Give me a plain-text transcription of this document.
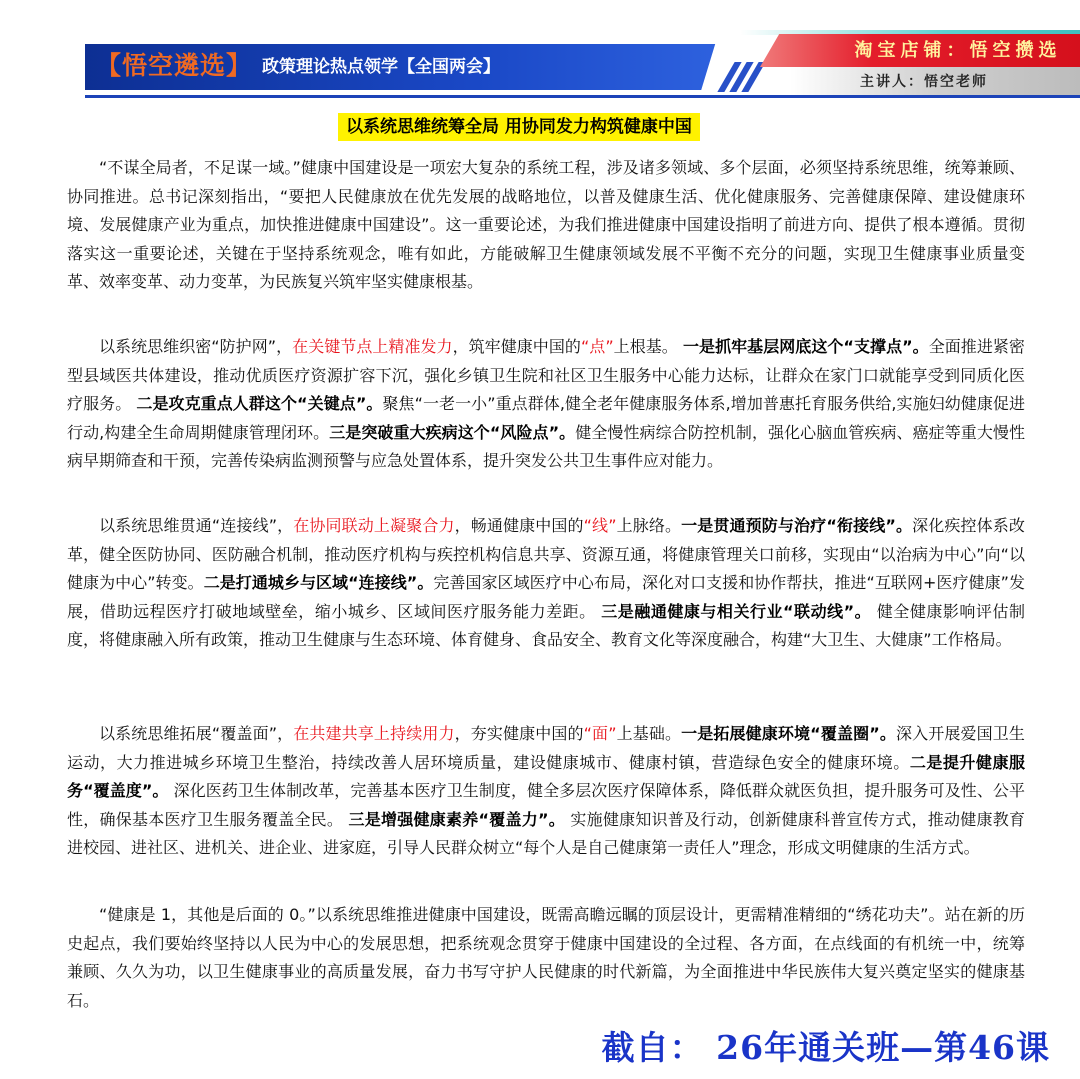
【悟空遴选】 政策理论热点领学【全国两会】
淘宝店铺：悟空攒选
主讲人：悟空老师
以系统思维统筹全局 用协同发力构筑健康中国

“不谋全局者，不足谋一域。”健康中国建设是一项宏大复杂的系统工程，涉及诸多领域、多个层面，必须坚持系统思维，统筹兼顾、协同推进。总书记深刻指出，“要把人民健康放在优先发展的战略地位，以普及健康生活、优化健康服务、完善健康保障、建设健康环境、发展健康产业为重点，加快推进健康中国建设”。这一重要论述，为我们推进健康中国建设指明了前进方向、提供了根本遵循。贯彻落实这一重要论述，关键在于坚持系统观念，唯有如此，方能破解卫生健康领域发展不平衡不充分的问题，实现卫生健康事业质量变革、效率变革、动力变革，为民族复兴筑牢坚实健康根基。

以系统思维织密“防护网”，在关键节点上精准发力，筑牢健康中国的“点”上根基。 一是抓牢基层网底这个“支撑点”。全面推进紧密型县域医共体建设，推动优质医疗资源扩容下沉，强化乡镇卫生院和社区卫生服务中心能力达标，让群众在家门口就能享受到同质化医疗服务。 二是攻克重点人群这个“关键点”。聚焦“一老一小”重点群体,健全老年健康服务体系,增加普惠托育服务供给,实施妇幼健康促进行动,构建全生命周期健康管理闭环。三是突破重大疾病这个“风险点”。健全慢性病综合防控机制，强化心脑血管疾病、癌症等重大慢性病早期筛查和干预，完善传染病监测预警与应急处置体系，提升突发公共卫生事件应对能力。

以系统思维贯通“连接线”，在协同联动上凝聚合力，畅通健康中国的“线”上脉络。一是贯通预防与治疗“衔接线”。深化疾控体系改革，健全医防协同、医防融合机制，推动医疗机构与疾控机构信息共享、资源互通，将健康管理关口前移，实现由“以治病为中心”向“以健康为中心”转变。二是打通城乡与区域“连接线”。完善国家区域医疗中心布局，深化对口支援和协作帮扶，推进“互联网+医疗健康”发展，借助远程医疗打破地域壁垒，缩小城乡、区域间医疗服务能力差距。 三是融通健康与相关行业“联动线”。 健全健康影响评估制度，将健康融入所有政策，推动卫生健康与生态环境、体育健身、食品安全、教育文化等深度融合，构建“大卫生、大健康”工作格局。

以系统思维拓展“覆盖面”，在共建共享上持续用力，夯实健康中国的“面”上基础。一是拓展健康环境“覆盖圈”。深入开展爱国卫生运动，大力推进城乡环境卫生整治，持续改善人居环境质量，建设健康城市、健康村镇，营造绿色安全的健康环境。二是提升健康服务“覆盖度”。 深化医药卫生体制改革，完善基本医疗卫生制度，健全多层次医疗保障体系，降低群众就医负担，提升服务可及性、公平性，确保基本医疗卫生服务覆盖全民。 三是增强健康素养“覆盖力”。 实施健康知识普及行动，创新健康科普宣传方式，推动健康教育进校园、进社区、进机关、进企业、进家庭，引导人民群众树立“每个人是自己健康第一责任人”理念，形成文明健康的生活方式。

“健康是 1，其他是后面的 0。”以系统思维推进健康中国建设，既需高瞻远瞩的顶层设计，更需精准精细的“绣花功夫”。站在新的历史起点，我们要始终坚持以人民为中心的发展思想，把系统观念贯穿于健康中国建设的全过程、各方面，在点线面的有机统一中，统筹兼顾、久久为功，以卫生健康事业的高质量发展，奋力书写守护人民健康的时代新篇，为全面推进中华民族伟大复兴奠定坚实的健康基石。

截自： 26年通关班—第46课
